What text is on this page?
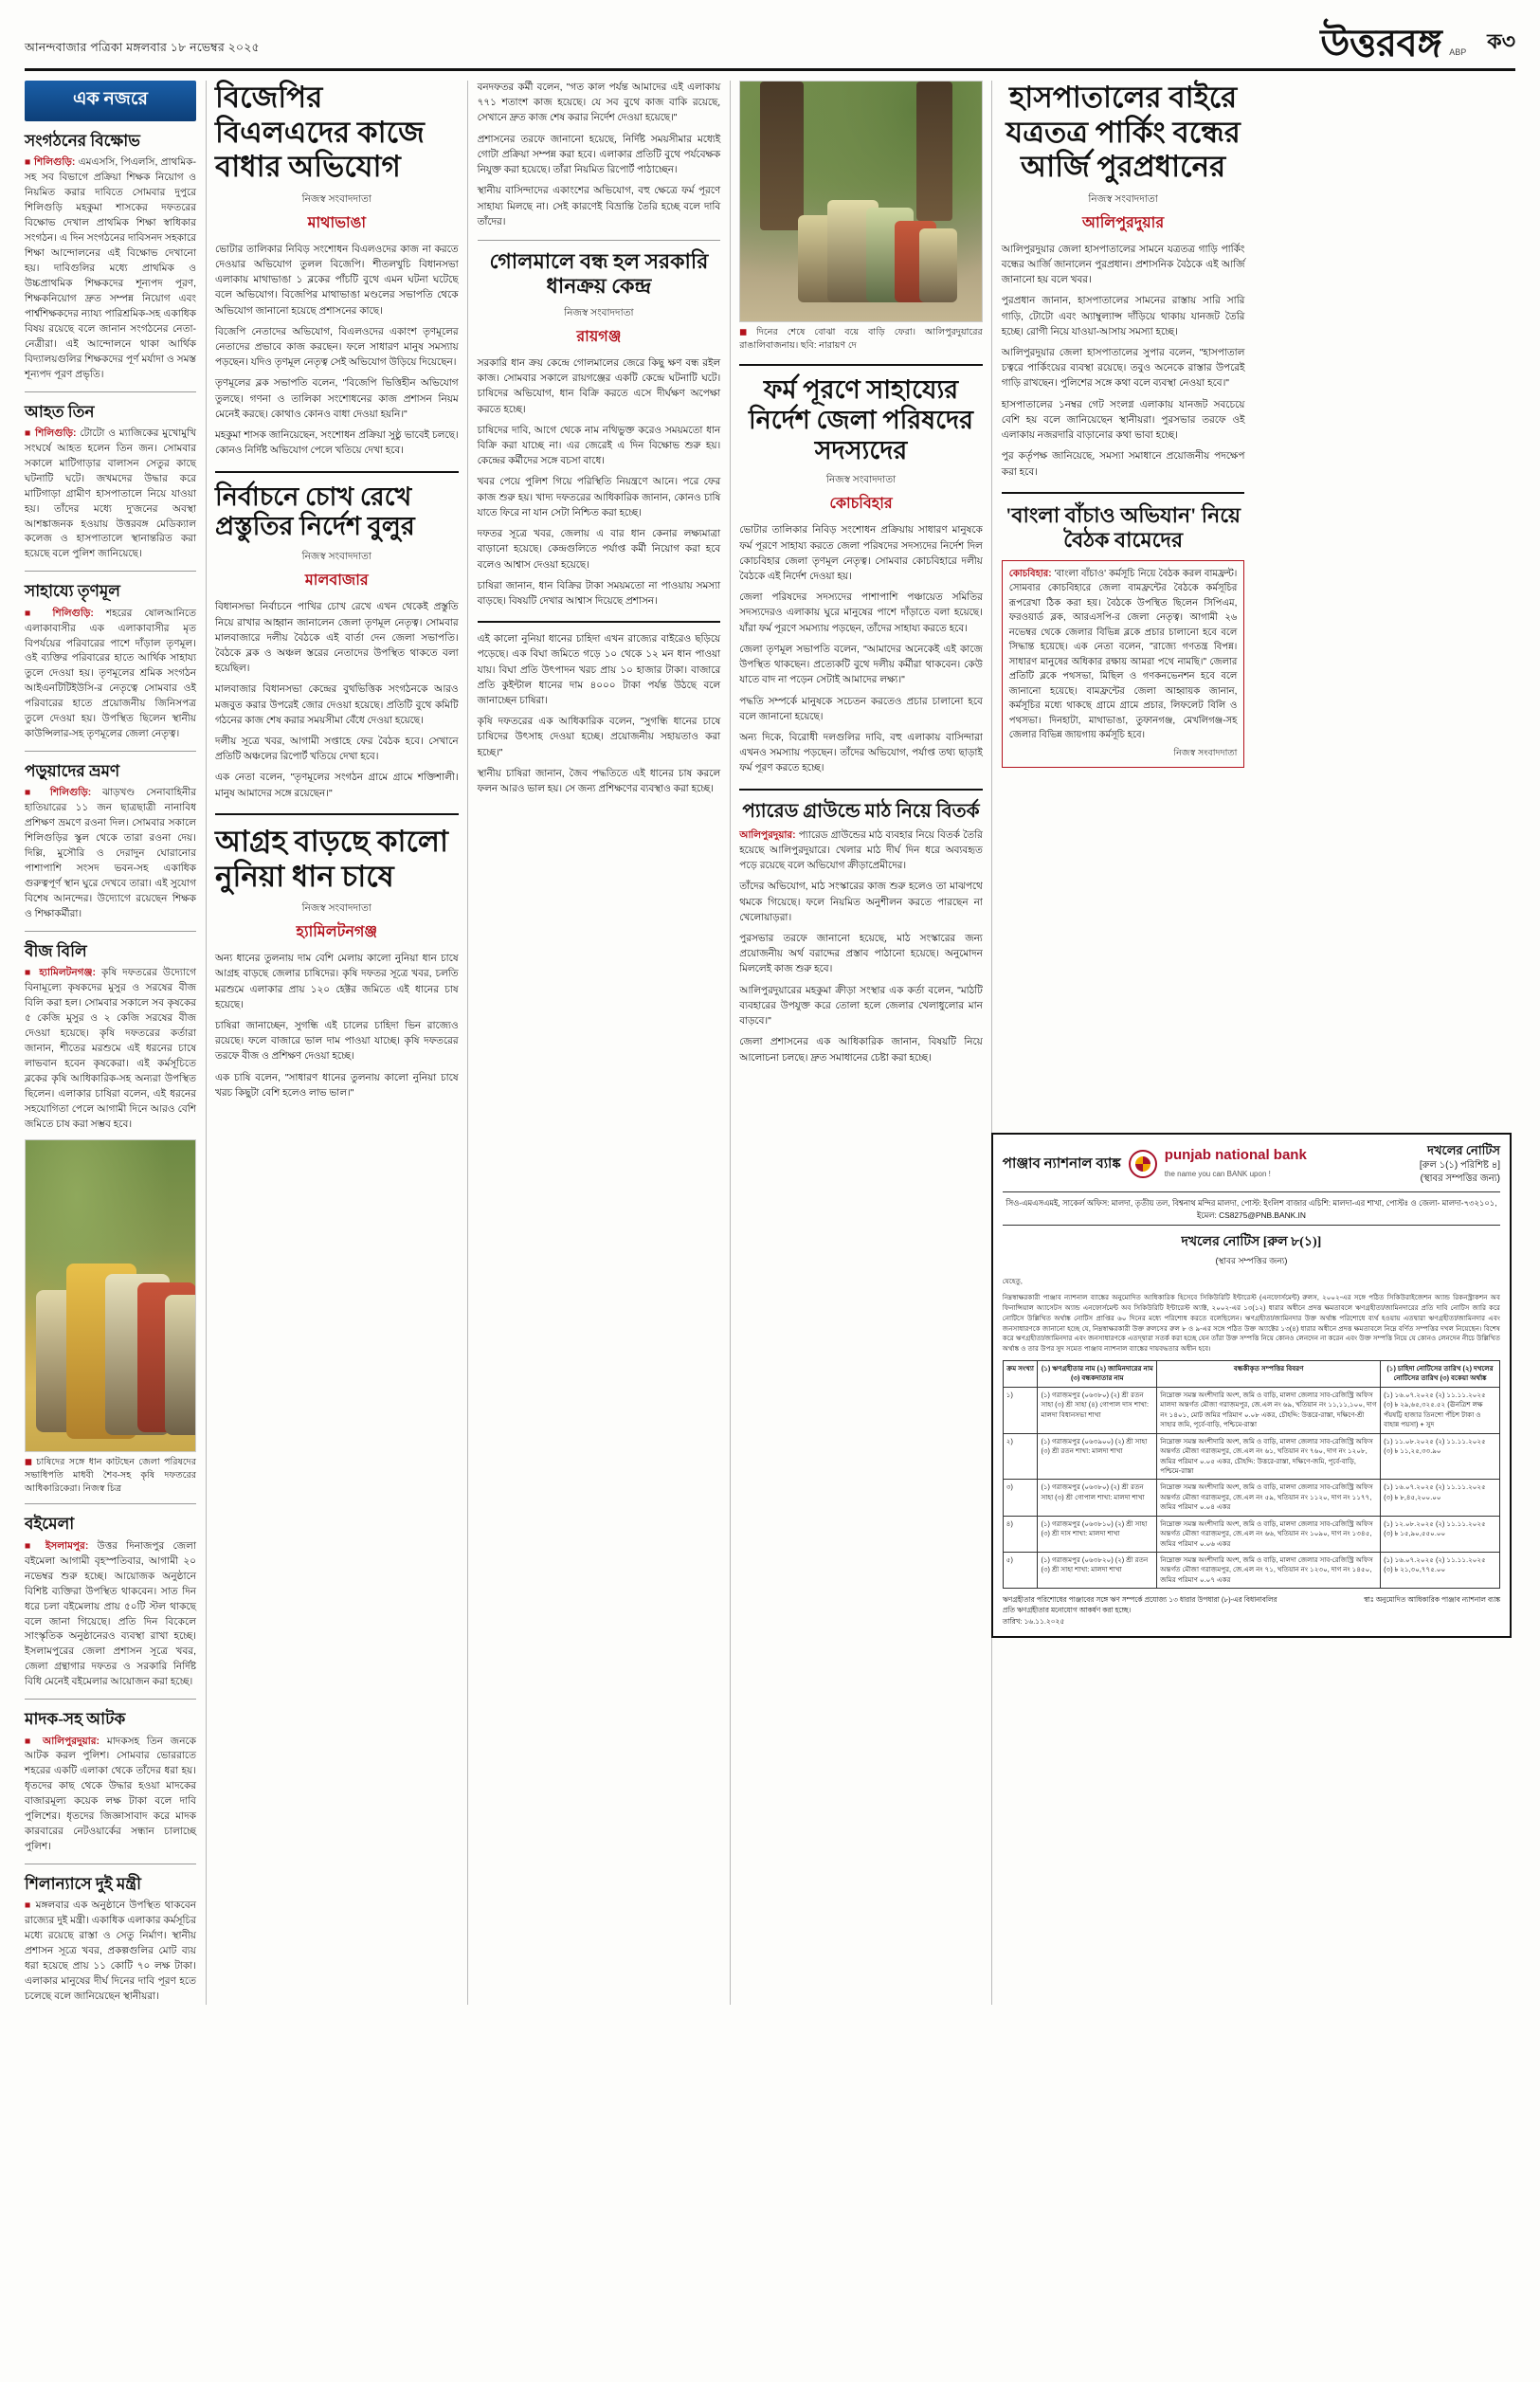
আনন্দবাজার পত্রিকা মঙ্গলবার ১৮ নভেম্বর ২০২৫	উত্তরবঙ্গ ABP ক৩
এক নজরে
সংগঠনের বিক্ষোভ
■ শিলিগুড়ি: এমএসসি, পিএলসি, প্রাথমিক-সহ সব বিভাগে প্রক্রিয়া শিক্ষক নিয়োগ ও নিয়মিত করার দাবিতে সোমবার দুপুরে শিলিগুড়ি মহকুমা শাসকের দফতরের বিক্ষোভ দেখাল প্রাথমিক শিক্ষা স্বাধিকার সংগঠন। এ দিন সংগঠনের দাবিসনদ সহকারে শিক্ষা আন্দোলনের এই বিক্ষোভ দেখানো হয়। দাবিগুলির মধ্যে প্রাথমিক ও উচ্চপ্রাথমিক শিক্ষকদের শূন্যপদ পূরণ, শিক্ষকনিয়োগ দ্রুত সম্পন্ন নিয়োগ এবং পার্শ্বশিক্ষকদের ন্যায্য পারিশ্রমিক-সহ একাধিক বিষয় রয়েছে বলে জানান সংগঠনের নেতা-নেত্রীরা। এই আন্দোলনে থাকা আর্থিক বিদ্যালয়গুলির শিক্ষকদের পূর্ণ মর্যাদা ও সমস্ত শূন্যপদ পূরণ প্রভৃতি।
আহত তিন
■ শিলিগুড়ি: টোটো ও ম্যাজিকের মুখোমুখি সংঘর্ষে আহত হলেন তিন জন। সোমবার সকালে মাটিগাড়ার বালাসন সেতুর কাছে ঘটনাটি ঘটে। জখমদের উদ্ধার করে মাটিগাড়া গ্রামীণ হাসপাতালে নিয়ে যাওয়া হয়। তাঁদের মধ্যে দু'জনের অবস্থা আশঙ্কাজনক হওয়ায় উত্তরবঙ্গ মেডিক্যাল কলেজ ও হাসপাতালে স্থানান্তরিত করা হয়েছে বলে পুলিশ জানিয়েছে।
সাহায্যে তৃণমূল
■ শিলিগুড়ি: শহরের ষোলআনিতে এলাকাবাসীর এক এলাকাবাসীর মৃত বিপর্যয়ের পরিবারের পাশে দাঁড়াল তৃণমূল। ওই ব্যক্তির পরিবারের হাতে আর্থিক সাহায্য তুলে দেওয়া হয়। তৃণমূলের শ্রমিক সংগঠন আইএনটিটিইউসি-র নেতৃত্বে সোমবার ওই পরিবারের হাতে প্রয়োজনীয় জিনিসপত্র তুলে দেওয়া হয়। উপস্থিত ছিলেন স্থানীয় কাউন্সিলার-সহ তৃণমূলের জেলা নেতৃত্ব।
পড়ুয়াদের ভ্রমণ
■ শিলিগুড়ি: ঝাড়খণ্ড সেনাবাহিনীর হাতিয়ারের ১১ জন ছাত্রছাত্রী নানাবিধ প্রশিক্ষণ ভ্রমণে রওনা দিল। সোমবার সকালে শিলিগুড়ির স্কুল থেকে তারা রওনা দেয়। দিল্লি, মুসৌরি ও দেরাদুন ঘোরানোর পাশাপাশি সংসদ ভবন-সহ একাধিক গুরুত্বপূর্ণ স্থান ঘুরে দেখবে তারা। এই সুযোগ বিশেষ আনন্দের। উদ্যোগে রয়েছেন শিক্ষক ও শিক্ষাকর্মীরা।
বীজ বিলি
■ হ্যামিলটনগঞ্জ: কৃষি দফতরের উদ্যোগে বিনামূল্যে কৃষকদের মুসুর ও সরষের বীজ বিলি করা হল। সোমবার সকালে সব কৃষকের ৫ কেজি মুসুর ও ২ কেজি সরষের বীজ দেওয়া হয়েছে। কৃষি দফতরের কর্তারা জানান, শীতের মরশুমে এই ধরনের চাষে লাভবান হবেন কৃষকেরা। এই কর্মসূচিতে ব্লকের কৃষি আধিকারিক-সহ অন্যরা উপস্থিত ছিলেন। এলাকার চাষিরা বলেন, এই ধরনের সহযোগিতা পেলে আগামী দিনে আরও বেশি জমিতে চাষ করা সম্ভব হবে।
◼ চাষিদের সঙ্গে ধান কাটছেন জেলা পরিষদের সভাধিপতি মাধবী শৈব-সহ কৃষি দফতরের আধিকারিকেরা। নিজস্ব চিত্র
বইমেলা
■ ইসলামপুর: উত্তর দিনাজপুর জেলা বইমেলা আগামী বৃহস্পতিবার, আগামী ২০ নভেম্বর শুরু হচ্ছে। আয়োজক অনুষ্ঠানে বিশিষ্ট ব্যক্তিরা উপস্থিত থাকবেন। সাত দিন ধরে চলা বইমেলায় প্রায় ৫০টি স্টল থাকছে বলে জানা গিয়েছে। প্রতি দিন বিকেলে সাংস্কৃতিক অনুষ্ঠানেরও ব্যবস্থা রাখা হচ্ছে। ইসলামপুরের জেলা প্রশাসন সূত্রে খবর, জেলা গ্রন্থাগার দফতর ও সরকারি নির্দিষ্ট বিধি মেনেই বইমেলার আয়োজন করা হচ্ছে।
মাদক-সহ আটক
■ আলিপুরদুয়ার: মাদকসহ তিন জনকে আটক করল পুলিশ। সোমবার ভোররাতে শহরের একটি এলাকা থেকে তাঁদের ধরা হয়। ধৃতদের কাছ থেকে উদ্ধার হওয়া মাদকের বাজারমূল্য কয়েক লক্ষ টাকা বলে দাবি পুলিশের। ধৃতদের জিজ্ঞাসাবাদ করে মাদক কারবারের নেটওয়ার্কের সন্ধান চালাচ্ছে পুলিশ।
শিলান্যাসে দুই মন্ত্রী
■ মঙ্গলবার এক অনুষ্ঠানে উপস্থিত থাকবেন রাজ্যের দুই মন্ত্রী। একাধিক এলাকার কর্মসূচির মধ্যে রয়েছে রাস্তা ও সেতু নির্মাণ। স্থানীয় প্রশাসন সূত্রে খবর, প্রকল্পগুলির মোট ব্যয় ধরা হয়েছে প্রায় ১১ কোটি ৭০ লক্ষ টাকা। এলাকার মানুষের দীর্ঘ দিনের দাবি পূরণ হতে চলেছে বলে জানিয়েছেন স্থানীয়রা।
বিজেপির বিএলএদের কাজে বাধার অভিযোগ
নিজস্ব সংবাদদাতা
মাথাভাঙা

ভোটার তালিকার নিবিড় সংশোধন বিএলওদের কাজ না করতে দেওয়ার অভিযোগ তুলল বিজেপি। শীতলখুচি বিধানসভা এলাকায় মাথাভাঙা ১ ব্লকের পাঁচটি বুথে এমন ঘটনা ঘটেছে বলে অভিযোগ। বিজেপির মাথাভাঙা মণ্ডলের সভাপতি থেকে অভিযোগ জানানো হয়েছে প্রশাসনের কাছে।

বিজেপি নেতাদের অভিযোগ, বিএলওদের একাংশ তৃণমূলের নেতাদের প্রভাবে কাজ করছেন। ফলে সাধারণ মানুষ সমস্যায় পড়ছেন। যদিও তৃণমূল নেতৃত্ব সেই অভিযোগ উড়িয়ে দিয়েছেন।

তৃণমূলের ব্লক সভাপতি বলেন, "বিজেপি ভিত্তিহীন অভিযোগ তুলছে। গণনা ও তালিকা সংশোধনের কাজ প্রশাসন নিয়ম মেনেই করছে। কোথাও কোনও বাধা দেওয়া হয়নি।"

মহকুমা শাসক জানিয়েছেন, সংশোধন প্রক্রিয়া সুষ্ঠু ভাবেই চলছে। কোনও নির্দিষ্ট অভিযোগ পেলে খতিয়ে দেখা হবে।

নির্বাচনে চোখ রেখে প্রস্তুতির নির্দেশ বুলুর
নিজস্ব সংবাদদাতা
মালবাজার

বিধানসভা নির্বাচনে পাখির চোখ রেখে এখন থেকেই প্রস্তুতি নিয়ে রাখার আহ্বান জানালেন জেলা তৃণমূল নেতৃত্ব। সোমবার মালবাজারে দলীয় বৈঠকে এই বার্তা দেন জেলা সভাপতি। বৈঠকে ব্লক ও অঞ্চল স্তরের নেতাদের উপস্থিত থাকতে বলা হয়েছিল।

মালবাজার বিধানসভা কেন্দ্রের বুথভিত্তিক সংগঠনকে আরও মজবুত করার উপরেই জোর দেওয়া হয়েছে। প্রতিটি বুথে কমিটি গঠনের কাজ শেষ করার সময়সীমা বেঁধে দেওয়া হয়েছে।

দলীয় সূত্রে খবর, আগামী সপ্তাহে ফের বৈঠক হবে। সেখানে প্রতিটি অঞ্চলের রিপোর্ট খতিয়ে দেখা হবে।

এক নেতা বলেন, "তৃণমূলের সংগঠন গ্রামে গ্রামে শক্তিশালী। মানুষ আমাদের সঙ্গে রয়েছেন।"

আগ্রহ বাড়ছে কালো নুনিয়া ধান চাষে
নিজস্ব সংবাদদাতা
হ্যামিলটনগঞ্জ

অন্য ধানের তুলনায় দাম বেশি মেলায় কালো নুনিয়া ধান চাষে আগ্রহ বাড়ছে জেলার চাষিদের। কৃষি দফতর সূত্রে খবর, চলতি মরশুমে এলাকার প্রায় ১২০ হেক্টর জমিতে এই ধানের চাষ হয়েছে।

চাষিরা জানাচ্ছেন, সুগন্ধি এই চালের চাহিদা ভিন রাজ্যেও রয়েছে। ফলে বাজারে ভাল দাম পাওয়া যাচ্ছে। কৃষি দফতরের তরফে বীজ ও প্রশিক্ষণ দেওয়া হচ্ছে।

এক চাষি বলেন, "সাধারণ ধানের তুলনায় কালো নুনিয়া চাষে খরচ কিছুটা বেশি হলেও লাভ ভাল।"

বনদফতর কর্মী বলেন, "গত কাল পর্যন্ত আমাদের এই এলাকায় ৭৭১ শতাংশ কাজ হয়েছে। যে সব বুথে কাজ বাকি রয়েছে, সেখানে দ্রুত কাজ শেষ করার নির্দেশ দেওয়া হয়েছে।"

প্রশাসনের তরফে জানানো হয়েছে, নির্দিষ্ট সময়সীমার মধ্যেই গোটা প্রক্রিয়া সম্পন্ন করা হবে। এলাকার প্রতিটি বুথে পর্যবেক্ষক নিযুক্ত করা হয়েছে। তাঁরা নিয়মিত রিপোর্ট পাঠাচ্ছেন।

স্থানীয় বাসিন্দাদের একাংশের অভিযোগ, বহু ক্ষেত্রে ফর্ম পূরণে সাহায্য মিলছে না। সেই কারণেই বিভ্রান্তি তৈরি হচ্ছে বলে দাবি তাঁদের।

গোলমালে বন্ধ হল সরকারি ধানক্রয় কেন্দ্র
নিজস্ব সংবাদদাতা
রায়গঞ্জ

সরকারি ধান ক্রয় কেন্দ্রে গোলমালের জেরে কিছু ক্ষণ বন্ধ রইল কাজ। সোমবার সকালে রায়গঞ্জের একটি কেন্দ্রে ঘটনাটি ঘটে। চাষিদের অভিযোগ, ধান বিক্রি করতে এসে দীর্ঘক্ষণ অপেক্ষা করতে হচ্ছে।

চাষিদের দাবি, আগে থেকে নাম নথিভুক্ত করেও সময়মতো ধান বিক্রি করা যাচ্ছে না। এর জেরেই এ দিন বিক্ষোভ শুরু হয়। কেন্দ্রের কর্মীদের সঙ্গে বচসা বাধে।

খবর পেয়ে পুলিশ গিয়ে পরিস্থিতি নিয়ন্ত্রণে আনে। পরে ফের কাজ শুরু হয়। খাদ্য দফতরের আধিকারিক জানান, কোনও চাষি যাতে ফিরে না যান সেটা নিশ্চিত করা হচ্ছে।

দফতর সূত্রে খবর, জেলায় এ বার ধান কেনার লক্ষ্যমাত্রা বাড়ানো হয়েছে। কেন্দ্রগুলিতে পর্যাপ্ত কর্মী নিয়োগ করা হবে বলেও আশ্বাস দেওয়া হয়েছে।

চাষিরা জানান, ধান বিক্রির টাকা সময়মতো না পাওয়ায় সমস্যা বাড়ছে। বিষয়টি দেখার আশ্বাস দিয়েছে প্রশাসন।

এই কালো নুনিয়া ধানের চাহিদা এখন রাজ্যের বাইরেও ছড়িয়ে পড়েছে। এক বিঘা জমিতে গড়ে ১০ থেকে ১২ মন ধান পাওয়া যায়। বিঘা প্রতি উৎপাদন খরচ প্রায় ১০ হাজার টাকা। বাজারে প্রতি কুইন্টাল ধানের দাম ৪০০০ টাকা পর্যন্ত উঠছে বলে জানাচ্ছেন চাষিরা।

কৃষি দফতরের এক আধিকারিক বলেন, "সুগন্ধি ধানের চাষে চাষিদের উৎসাহ দেওয়া হচ্ছে। প্রয়োজনীয় সহায়তাও করা হচ্ছে।"

স্থানীয় চাষিরা জানান, জৈব পদ্ধতিতে এই ধানের চাষ করলে ফলন আরও ভাল হয়। সে জন্য প্রশিক্ষণের ব্যবস্থাও করা হচ্ছে।

◼ দিনের শেষে বোঝা বয়ে বাড়ি ফেরা। আলিপুরদুয়ারের রাঙালিবাজনায়। ছবি: নারায়ণ দে
ফর্ম পূরণে সাহায্যের নির্দেশ জেলা পরিষদের সদস্যদের
নিজস্ব সংবাদদাতা
কোচবিহার

ভোটার তালিকার নিবিড় সংশোধন প্রক্রিয়ায় সাধারণ মানুষকে ফর্ম পূরণে সাহায্য করতে জেলা পরিষদের সদস্যদের নির্দেশ দিল কোচবিহার জেলা তৃণমূল নেতৃত্ব। সোমবার কোচবিহারে দলীয় বৈঠকে এই নির্দেশ দেওয়া হয়।

জেলা পরিষদের সদস্যদের পাশাপাশি পঞ্চায়েত সমিতির সদস্যদেরও এলাকায় ঘুরে মানুষের পাশে দাঁড়াতে বলা হয়েছে। যাঁরা ফর্ম পূরণে সমস্যায় পড়ছেন, তাঁদের সাহায্য করতে হবে।

জেলা তৃণমূল সভাপতি বলেন, "আমাদের অনেকেই এই কাজে উপস্থিত থাকছেন। প্রত্যেকটি বুথে দলীয় কর্মীরা থাকবেন। কেউ যাতে বাদ না পড়েন সেটাই আমাদের লক্ষ্য।"

পদ্ধতি সম্পর্কে মানুষকে সচেতন করতেও প্রচার চালানো হবে বলে জানানো হয়েছে।

অন্য দিকে, বিরোধী দলগুলির দাবি, বহু এলাকায় বাসিন্দারা এখনও সমস্যায় পড়ছেন। তাঁদের অভিযোগ, পর্যাপ্ত তথ্য ছাড়াই ফর্ম পূরণ করতে হচ্ছে।

প্যারেড গ্রাউন্ডে মাঠ নিয়ে বিতর্ক

আলিপুরদুয়ার: প্যারেড গ্রাউন্ডের মাঠ ব্যবহার নিয়ে বিতর্ক তৈরি হয়েছে আলিপুরদুয়ারে। খেলার মাঠ দীর্ঘ দিন ধরে অব্যবহৃত পড়ে রয়েছে বলে অভিযোগ ক্রীড়াপ্রেমীদের।

তাঁদের অভিযোগ, মাঠ সংস্কারের কাজ শুরু হলেও তা মাঝপথে থমকে গিয়েছে। ফলে নিয়মিত অনুশীলন করতে পারছেন না খেলোয়াড়রা।

পুরসভার তরফে জানানো হয়েছে, মাঠ সংস্কারের জন্য প্রয়োজনীয় অর্থ বরাদ্দের প্রস্তাব পাঠানো হয়েছে। অনুমোদন মিললেই কাজ শুরু হবে।

আলিপুরদুয়ারের মহকুমা ক্রীড়া সংস্থার এক কর্তা বলেন, "মাঠটি ব্যবহারের উপযুক্ত করে তোলা হলে জেলার খেলাধুলোর মান বাড়বে।"

জেলা প্রশাসনের এক আধিকারিক জানান, বিষয়টি নিয়ে আলোচনা চলছে। দ্রুত সমাধানের চেষ্টা করা হচ্ছে।

হাসপাতালের বাইরে যত্রতত্র পার্কিং বন্ধের আর্জি পুরপ্রধানের
নিজস্ব সংবাদদাতা
আলিপুরদুয়ার

আলিপুরদুয়ার জেলা হাসপাতালের সামনে যত্রতত্র গাড়ি পার্কিং বন্ধের আর্জি জানালেন পুরপ্রধান। প্রশাসনিক বৈঠকে এই আর্জি জানানো হয় বলে খবর।

পুরপ্রধান জানান, হাসপাতালের সামনের রাস্তায় সারি সারি গাড়ি, টোটো এবং অ্যাম্বুল্যান্স দাঁড়িয়ে থাকায় যানজট তৈরি হচ্ছে। রোগী নিয়ে যাওয়া-আসায় সমস্যা হচ্ছে।

আলিপুরদুয়ার জেলা হাসপাতালের সুপার বলেন, "হাসপাতাল চত্বরে পার্কিংয়ের ব্যবস্থা রয়েছে। তবুও অনেকে রাস্তার উপরেই গাড়ি রাখছেন। পুলিশের সঙ্গে কথা বলে ব্যবস্থা নেওয়া হবে।"

হাসপাতালের ১নম্বর গেট সংলগ্ন এলাকায় যানজট সবচেয়ে বেশি হয় বলে জানিয়েছেন স্থানীয়রা। পুরসভার তরফে ওই এলাকায় নজরদারি বাড়ানোর কথা ভাবা হচ্ছে।

পুর কর্তৃপক্ষ জানিয়েছে, সমস্যা সমাধানে প্রয়োজনীয় পদক্ষেপ করা হবে।

'বাংলা বাঁচাও অভিযান' নিয়ে বৈঠক বামেদের
কোচবিহার: 'বাংলা বাঁচাও' কর্মসূচি নিয়ে বৈঠক করল বামফ্রন্ট। সোমবার কোচবিহারে জেলা বামফ্রন্টের বৈঠকে কর্মসূচির রূপরেখা ঠিক করা হয়। বৈঠকে উপস্থিত ছিলেন সিপিএম, ফরওয়ার্ড ব্লক, আরএসপি-র জেলা নেতৃত্ব। আগামী ২৬ নভেম্বর থেকে জেলার বিভিন্ন ব্লকে প্রচার চালানো হবে বলে সিদ্ধান্ত হয়েছে। এক নেতা বলেন, "রাজ্যে গণতন্ত্র বিপন্ন। সাধারণ মানুষের অধিকার রক্ষায় আমরা পথে নামছি।" জেলার প্রতিটি ব্লকে পথসভা, মিছিল ও গণকনভেনশন হবে বলে জানানো হয়েছে। বামফ্রন্টের জেলা আহ্বায়ক জানান, কর্মসূচির মধ্যে থাকছে গ্রামে গ্রামে প্রচার, লিফলেট বিলি ও পথসভা। দিনহাটা, মাথাভাঙা, তুফানগঞ্জ, মেখলিগঞ্জ-সহ জেলার বিভিন্ন জায়গায় কর্মসূচি হবে।
নিজস্ব সংবাদদাতা
পাঞ্জাব ন্যাশনাল ব্যাঙ্ক
punjab national bank
the name you can BANK upon !
দখলের নোটিস
[রুল ১(১) পরিশিষ্ট ৪]
(স্থাবর সম্পত্তির জন্য)
সিও-এমএসএমই, সাকের্ল অফিস: মালদা, তৃতীয় তল, বিশ্বনাথ মন্দির মালদা, পোস্ট: ইংলিশ বাজার এচিশি: মালদা-এর শাখা, পোস্টঃ ও জেলা- মালদা-৭৩২১০১, ইমেল: CS8275@PNB.BANK.IN
দখলের নোটিস [রুল ৮(১)]
(স্থাবর সম্পত্তির জন্য)
যেহেতু,
নিম্নস্বাক্ষরকারী পাঞ্জাব ন্যাশনাল ব্যাঙ্কের অনুমোদিত আধিকারিক হিসেবে সিকিউরিটি ইন্টারেস্ট (এনফোর্সমেন্ট) রুলস, ২০০২-এর সঙ্গে পঠিত সিকিউরাইজেশন অ্যান্ড রিকনস্ট্রাকশন অব ফিনান্সিয়াল অ্যাসেটস অ্যান্ড এনফোর্সমেন্ট অব সিকিউরিটি ইন্টারেস্ট অ্যাক্ট, ২০০২-এর ১৩(১২) ধারার অধীনে প্রদত্ত ক্ষমতাবলে ঋণগ্রহীতা/জামিনদারের প্রতি দাবি নোটিস জারি করে নোটিসে উল্লিখিত অর্থাঙ্ক নোটিস প্রাপ্তির ৬০ দিনের মধ্যে পরিশোধ করতে বলেছিলেন। ঋণগ্রহীতা/জামিনদার উক্ত অর্থাঙ্ক পরিশোধে ব্যর্থ হওয়ায় এতদ্বারা ঋণগ্রহীতা/জামিনদার এবং জনসাধারণকে জানানো হচ্ছে যে, নিম্নস্বাক্ষরকারী উক্ত রুলসের রুল ৮ ও ৯-এর সঙ্গে পঠিত উক্ত অ্যাক্টের ১৩(৪) ধারার অধীনে প্রদত্ত ক্ষমতাবলে নিম্নে বর্ণিত সম্পত্তির দখল নিয়েছেন। বিশেষ করে ঋণগ্রহীতা/জামিনদার এবং জনসাধারণকে এতদ্দ্বারা সতর্ক করা হচ্ছে যেন তাঁরা উক্ত সম্পত্তি নিয়ে কোনও লেনদেন না করেন এবং উক্ত সম্পত্তি নিয়ে যে কোনও লেনদেন নীচে উল্লিখিত অর্থাঙ্ক ও তার উপর সুদ সমেত পাঞ্জাব ন্যাশনাল ব্যাঙ্কের দায়বদ্ধতার অধীন হবে।
ক্রম সংখ্যা	(১) ঋণগ্রহীতার নাম (২) জামিনদারের নাম (৩) বন্ধকদাতার নাম	বন্ধকীকৃত সম্পত্তির বিবরণ	(১) চাহিদা নোটিসের তারিখ (২) দখলের নোটিসের তারিখ (৩) বকেয়া অর্থাঙ্ক
১)	(১) গরাজ়মপুর (০৬৩৮০) (২) শ্রী রতন সাহা (৩) শ্রী সাহা (৪) গোপাল দাস শাখা: মালদা বিধানসভা শাখা	নিম্নোক্ত সমস্ত অংশীদারি অংশ, জমি ও বাড়ি, মালদা জেলার সাব-রেজিস্ট্রি অফিস মালদা অন্তর্গত মৌজা গরাজ়মপুর, জে.এল নং ৬৯, খতিয়ান নং ১১,১১,১০০, দাগ নং ১৪০১, মোট জমির পরিমাণ ০.০৮ একর, চৌহদ্দি: উত্তরে-রাস্তা, দক্ষিণে-শ্রী সাহার জমি, পূর্বে-বাড়ি, পশ্চিমে-রাস্তা	(১) ১৬.০৭.২০২৫ (২) ১১.১১.২০২৫ (৩) ৳ ২৯,৬৫,৩২৫.৫২ (ঊনত্রিশ লক্ষ পঁয়ষট্টি হাজার তিনশো পঁচিশ টাকা ও বাহান্ন পয়সা) + সুদ
২)	(১) গরাজ়মপুর (০৬৩৯০০) (২) শ্রী সাহা (৩) শ্রী রতন শাখা: মালদা শাখা	নিম্নোক্ত সমস্ত অংশীদারি অংশ, জমি ও বাড়ি, মালদা জেলার সাব-রেজিস্ট্রি অফিস অন্তর্গত মৌজা গরাজ়মপুর, জে.এল নং ৬১, খতিয়ান নং ৭৬০, দাগ নং ১২০৮, জমির পরিমাণ ০.০৫ একর, চৌহদ্দি: উত্তরে-রাস্তা, দক্ষিণে-জমি, পূর্বে-বাড়ি, পশ্চিমে-রাস্তা	(১) ১১.০৮.২০২৫ (২) ১১.১১.২০২৫ (৩) ৳ ১১,২৫,৩৩.৯০
৩)	(১) গরাজ়মপুর (০৬৩৮০) (২) শ্রী রতন সাহা (৩) শ্রী গোপাল শাখা: মালদা শাখা	নিম্নোক্ত সমস্ত অংশীদারি অংশ, জমি ও বাড়ি, মালদা জেলার সাব-রেজিস্ট্রি অফিস অন্তর্গত মৌজা গরাজ়মপুর, জে.এল নং ৫৯, খতিয়ান নং ১১২০, দাগ নং ১১৭৭, জমির পরিমাণ ০.০৪ একর	(১) ১৬.০৭.২০২৫ (২) ১১.১১.২০২৫ (৩) ৳ ৮,৪৫,২০০.০০
৪)	(১) গরাজ়মপুর (০৬৩৮১০) (২) শ্রী সাহা (৩) শ্রী দাস শাখা: মালদা শাখা	নিম্নোক্ত সমস্ত অংশীদারি অংশ, জমি ও বাড়ি, মালদা জেলার সাব-রেজিস্ট্রি অফিস অন্তর্গত মৌজা গরাজ়মপুর, জে.এল নং ৬৬, খতিয়ান নং ১০৯০, দাগ নং ১৩৪৫, জমির পরিমাণ ০.০৬ একর	(১) ১২.০৮.২০২৫ (২) ১১.১১.২০২৫ (৩) ৳ ১৫,৯০,৫৫০.০০
৫)	(১) গরাজ়মপুর (০৬৩৮২০) (২) শ্রী রতন (৩) শ্রী সাহা শাখা: মালদা শাখা	নিম্নোক্ত সমস্ত অংশীদারি অংশ, জমি ও বাড়ি, মালদা জেলার সাব-রেজিস্ট্রি অফিস অন্তর্গত মৌজা গরাজ়মপুর, জে.এল নং ৭১, খতিয়ান নং ১২৩০, দাগ নং ১৪৫০, জমির পরিমাণ ০.০৭ একর	(১) ১৬.০৭.২০২৫ (২) ১১.১১.২০২৫ (৩) ৳ ২১,৩০,৭৭৫.০০
ঋণগ্রহীতার পরিশোধের পাঞ্জাবের সঙ্গে ঋণ সম্পর্কে প্রযোজ্য ১৩ ধারার উপধারা (৮)-এর বিধানাবলির প্রতি ঋণগ্রহীতার মনোযোগ আকর্ষণ করা হচ্ছে।
তারিখ: ১৬.১১.২০২৫
স্বাঃ অনুমোদিত আধিকারিক পাঞ্জাব ন্যাশনাল ব্যাঙ্ক
